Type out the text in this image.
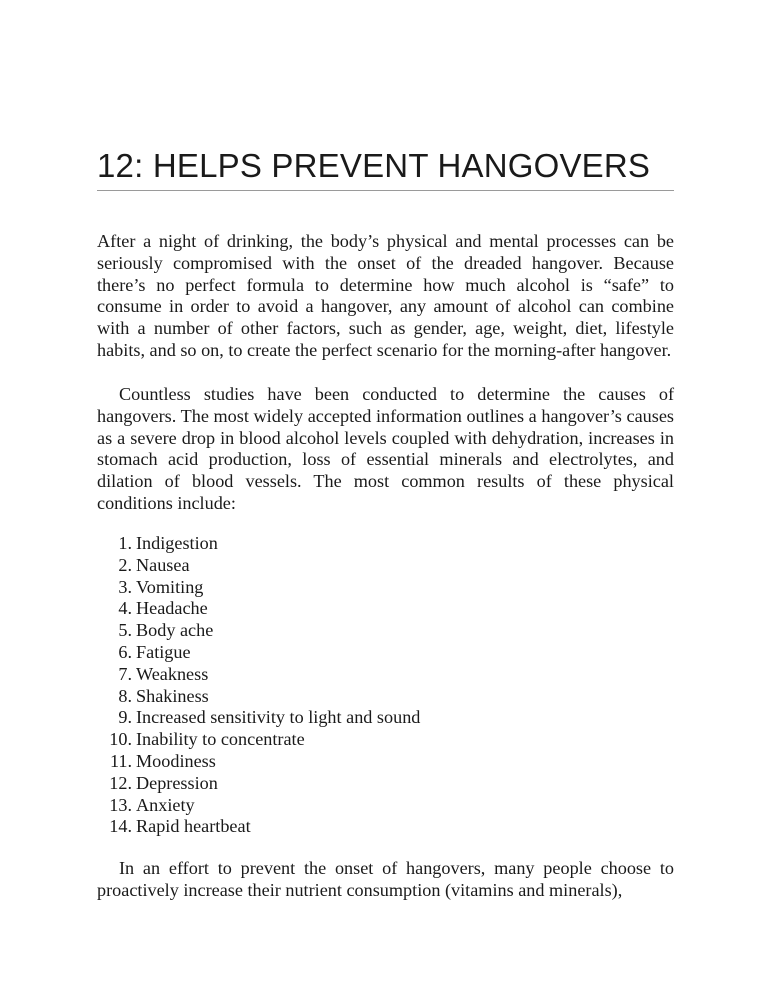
12: HELPS PREVENT HANGOVERS

After a night of drinking, the body’s physical and mental processes can be seriously compromised with the onset of the dreaded hangover. Because there’s no perfect formula to determine how much alcohol is “safe” to consume in order to avoid a hangover, any amount of alcohol can combine with a number of other factors, such as gender, age, weight, diet, lifestyle habits, and so on, to create the perfect scenario for the morning-after hangover.

Countless studies have been conducted to determine the causes of hangovers. The most widely accepted information outlines a hangover’s causes as a severe drop in blood alcohol levels coupled with dehydration, increases in stomach acid production, loss of essential minerals and electrolytes, and dilation of blood vessels. The most common results of these physical conditions include:

1. Indigestion
2. Nausea
3. Vomiting
4. Headache
5. Body ache
6. Fatigue
7. Weakness
8. Shakiness
9. Increased sensitivity to light and sound
10. Inability to concentrate
11. Moodiness
12. Depression
13. Anxiety
14. Rapid heartbeat

In an effort to prevent the onset of hangovers, many people choose to proactively increase their nutrient consumption (vitamins and minerals),
